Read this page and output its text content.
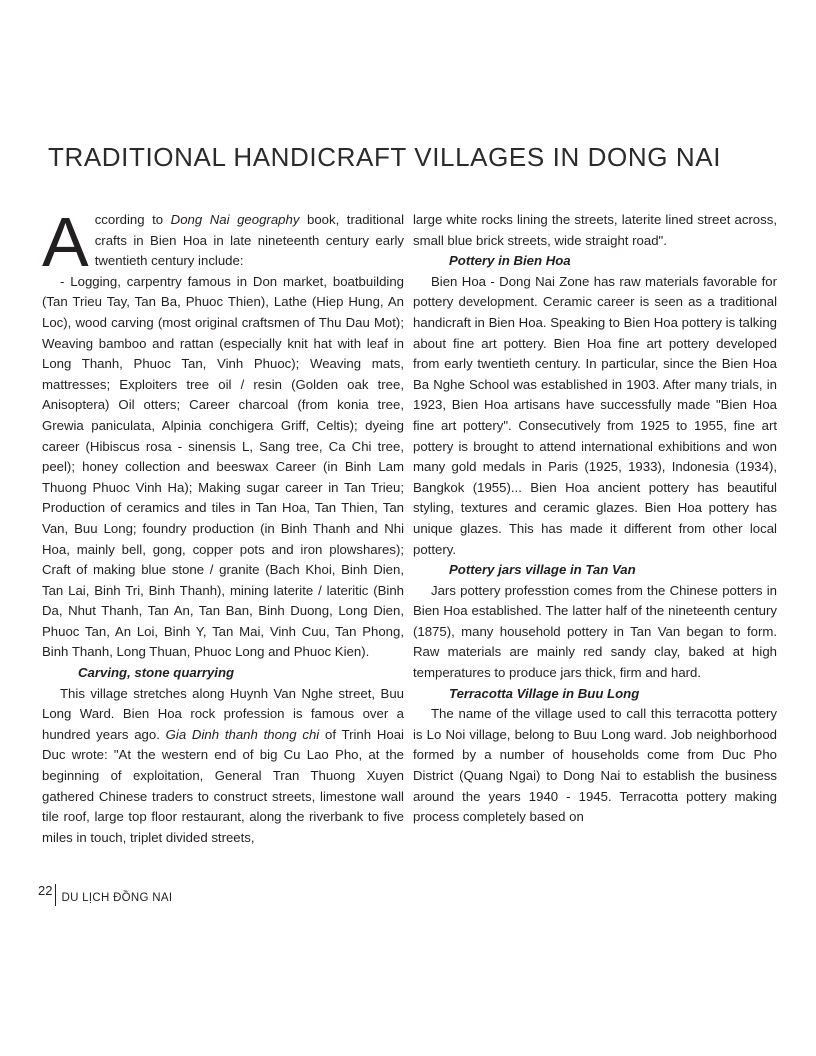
TRADITIONAL HANDICRAFT VILLAGES IN DONG NAI

According to Dong Nai geography book, traditional crafts in Bien Hoa in late nineteenth century early twentieth century include:

- Logging, carpentry famous in Don market, boatbuilding (Tan Trieu Tay, Tan Ba, Phuoc Thien), Lathe (Hiep Hung, An Loc), wood carving (most original craftsmen of Thu Dau Mot); Weaving bamboo and rattan (especially knit hat with leaf in Long Thanh, Phuoc Tan, Vinh Phuoc); Weaving mats, mattresses; Exploiters tree oil / resin (Golden oak tree, Anisoptera) Oil otters; Career charcoal (from konia tree, Grewia paniculata, Alpinia conchigera Griff, Celtis); dyeing career (Hibiscus rosa - sinensis L, Sang tree, Ca Chi tree, peel); honey collection and beeswax Career (in Binh Lam Thuong Phuoc Vinh Ha); Making sugar career in Tan Trieu; Production of ceramics and tiles in Tan Hoa, Tan Thien, Tan Van, Buu Long; foundry production (in Binh Thanh and Nhi Hoa, mainly bell, gong, copper pots and iron plowshares); Craft of making blue stone / granite (Bach Khoi, Binh Dien, Tan Lai, Binh Tri, Binh Thanh), mining laterite / lateritic (Binh Da, Nhut Thanh, Tan An, Tan Ban, Binh Duong, Long Dien, Phuoc Tan, An Loi, Binh Y, Tan Mai, Vinh Cuu, Tan Phong, Binh Thanh, Long Thuan, Phuoc Long and Phuoc Kien).

Carving, stone quarrying

This village stretches along Huynh Van Nghe street, Buu Long Ward. Bien Hoa rock profession is famous over a hundred years ago. Gia Dinh thanh thong chi of Trinh Hoai Duc wrote: "At the western end of big Cu Lao Pho, at the beginning of exploitation, General Tran Thuong Xuyen gathered Chinese traders to construct streets, limestone wall tile roof, large top floor restaurant, along the riverbank to five miles in touch, triplet divided streets,

large white rocks lining the streets, laterite lined street across, small blue brick streets, wide straight road".

Pottery in Bien Hoa

Bien Hoa - Dong Nai Zone has raw materials favorable for pottery development. Ceramic career is seen as a traditional handicraft in Bien Hoa. Speaking to Bien Hoa pottery is talking about fine art pottery. Bien Hoa fine art pottery developed from early twentieth century. In particular, since the Bien Hoa Ba Nghe School was established in 1903. After many trials, in 1923, Bien Hoa artisans have successfully made "Bien Hoa fine art pottery". Consecutively from 1925 to 1955, fine art pottery is brought to attend international exhibitions and won many gold medals in Paris (1925, 1933), Indonesia (1934), Bangkok (1955)... Bien Hoa ancient pottery has beautiful styling, textures and ceramic glazes. Bien Hoa pottery has unique glazes. This has made it different from other local pottery.

Pottery jars village in Tan Van

Jars pottery professtion comes from the Chinese potters in Bien Hoa established. The latter half of the nineteenth century (1875), many household pottery in Tan Van began to form. Raw materials are mainly red sandy clay, baked at high temperatures to produce jars thick, firm and hard.

Terracotta Village in Buu Long

The name of the village used to call this terracotta pottery is Lo Noi village, belong to Buu Long ward. Job neighborhood formed by a number of households come from Duc Pho District (Quang Ngai) to Dong Nai to establish the business around the years 1940 - 1945. Terracotta pottery making process completely based on

22 DU LỊCH ĐỒNG NAI
